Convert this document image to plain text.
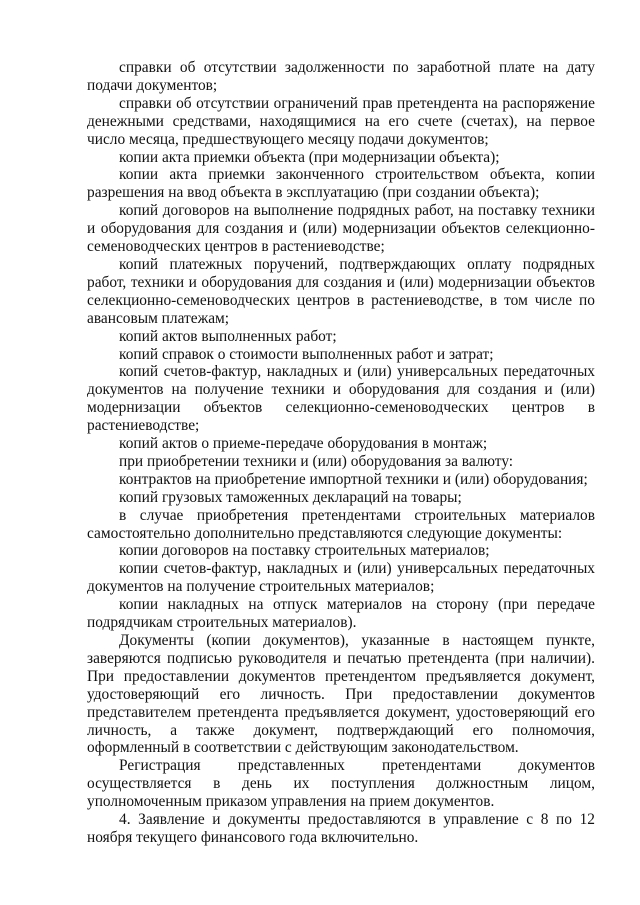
справки об отсутствии задолженности по заработной плате на дату подачи документов;

справки об отсутствии ограничений прав претендента на распоряжение денежными средствами, находящимися на его счете (счетах), на первое число месяца, предшествующего месяцу подачи документов;

копии акта приемки объекта (при модернизации объекта);

копии акта приемки законченного строительством объекта, копии разрешения на ввод объекта в эксплуатацию (при создании объекта);

копий договоров на выполнение подрядных работ, на поставку техники и оборудования для создания и (или) модернизации объектов селекционно-семеноводческих центров в растениеводстве;

копий платежных поручений, подтверждающих оплату подрядных работ, техники и оборудования для создания и (или) модернизации объектов селекционно-семеноводческих центров в растениеводстве, в том числе по авансовым платежам;

копий актов выполненных работ;

копий справок о стоимости выполненных работ и затрат;

копий счетов-фактур, накладных и (или) универсальных передаточных документов на получение техники и оборудования для создания и (или) модернизации объектов селекционно-семеноводческих центров в растениеводстве;

копий актов о приеме-передаче оборудования в монтаж;

при приобретении техники и (или) оборудования за валюту:

контрактов на приобретение импортной техники и (или) оборудования;

копий грузовых таможенных деклараций на товары;

в случае приобретения претендентами строительных материалов самостоятельно дополнительно представляются следующие документы:

копии договоров на поставку строительных материалов;

копии счетов-фактур, накладных и (или) универсальных передаточных документов на получение строительных материалов;

копии накладных на отпуск материалов на сторону (при передаче подрядчикам строительных материалов).

Документы (копии документов), указанные в настоящем пункте, заверяются подписью руководителя и печатью претендента (при наличии). При предоставлении документов претендентом предъявляется документ, удостоверяющий его личность. При предоставлении документов представителем претендента предъявляется документ, удостоверяющий его личность, а также документ, подтверждающий его полномочия, оформленный в соответствии с действующим законодательством.

Регистрация представленных претендентами документов осуществляется в день их поступления должностным лицом, уполномоченным приказом управления на прием документов.

4. Заявление и документы предоставляются в управление с 8 по 12 ноября текущего финансового года включительно.
